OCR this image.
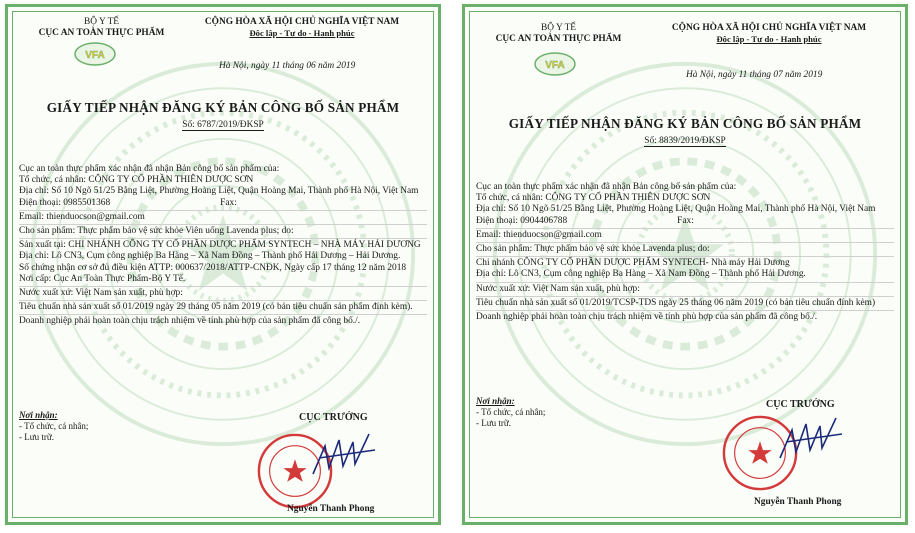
BỘ Y TẾ
CỤC AN TOÀN THỰC PHẨM
VFA
CỘNG HÒA XÃ HỘI CHỦ NGHĨA VIỆT NAM
Độc lập - Tự do - Hạnh phúc
Hà Nội, ngày 11 tháng 06 năm 2019
GIẤY TIẾP NHẬN ĐĂNG KÝ BẢN CÔNG BỐ SẢN PHẨM
Số: 6787/2019/ĐKSP

Cục an toàn thực phẩm xác nhận đã nhận Bản công bố sản phẩm của:

Tổ chức, cá nhân: CÔNG TY CỔ PHẦN THIÊN DƯỢC SƠN

Địa chỉ: Số 10 Ngõ 51/25 Bằng Liệt, Phường Hoàng Liệt, Quận Hoàng Mai, Thành phố Hà Nội, Việt Nam

Điện thoại: 0985501368	Fax:

Email: thienduocson@gmail.com

Cho sản phẩm: Thực phẩm bảo vệ sức khỏe Viên uống Lavenda plus; do:

Sản xuất tại: CHI NHÁNH CÔNG TY CỔ PHẦN DƯỢC PHẨM SYNTECH – NHÀ MÁY HẢI DƯƠNG

Địa chỉ: Lô CN3, Cụm công nghiệp Ba Hàng – Xã Nam Đồng – Thành phố Hải Dương – Hải Dương.

Số chứng nhận cơ sở đủ điều kiện ATTP: 000637/2018/ATTP-CNĐK, Ngày cấp 17 tháng 12 năm 2018

Nơi cấp: Cục An Toàn Thực Phẩm-Bộ Y Tế.

Nước xuất xứ: Việt Nam sản xuất, phù hợp:

Tiêu chuẩn nhà sản xuất số 01/2019 ngày 29 tháng 05 năm 2019 (có bản tiêu chuẩn sản phẩm đính kèm).

Doanh nghiệp phải hoàn toàn chịu trách nhiệm về tính phù hợp của sản phẩm đã công bố./.

Nơi nhận:
- Tổ chức, cá nhân;
- Lưu trữ.
CỤC TRƯỞNG
Nguyễn Thanh Phong
BỘ Y TẾ
CỤC AN TOÀN THỰC PHẨM
VFA
CỘNG HÒA XÃ HỘI CHỦ NGHĨA VIỆT NAM
Độc lập - Tự do - Hạnh phúc
Hà Nội, ngày 11 tháng 07 năm 2019
GIẤY TIẾP NHẬN ĐĂNG KÝ BẢN CÔNG BỐ SẢN PHẨM
Số: 8839/2019/ĐKSP

Cục an toàn thực phẩm xác nhận đã nhận Bản công bố sản phẩm của:

Tổ chức, cá nhân: CÔNG TY CỔ PHẦN THIÊN DƯỢC SƠN

Địa chỉ: Số 10 Ngõ 51/25 Bằng Liệt, Phường Hoàng Liệt, Quận Hoàng Mai, Thành phố Hà Nội, Việt Nam

Điện thoại: 0904406788	Fax:

Email: thienduocson@gmail.com

Cho sản phẩm: Thực phẩm bảo vệ sức khỏe Lavenda plus; do:

Chi nhánh CÔNG TY CỔ PHẦN DƯỢC PHẨM SYNTECH- Nhà máy Hải Dương

Địa chỉ: Lô CN3, Cụm công nghiệp Ba Hàng – Xã Nam Đồng – Thành phố Hải Dương.

Nước xuất xứ: Việt Nam sản xuất, phù hợp:

Tiêu chuẩn nhà sản xuất số 01/2019/TCSP-TDS ngày 25 tháng 06 năm 2019 (có bản tiêu chuẩn đính kèm)

Doanh nghiệp phải hoàn toàn chịu trách nhiệm về tính phù hợp của sản phẩm đã công bố./.

Nơi nhận:
- Tổ chức, cá nhân;
- Lưu trữ.
CỤC TRƯỞNG
Nguyễn Thanh Phong
